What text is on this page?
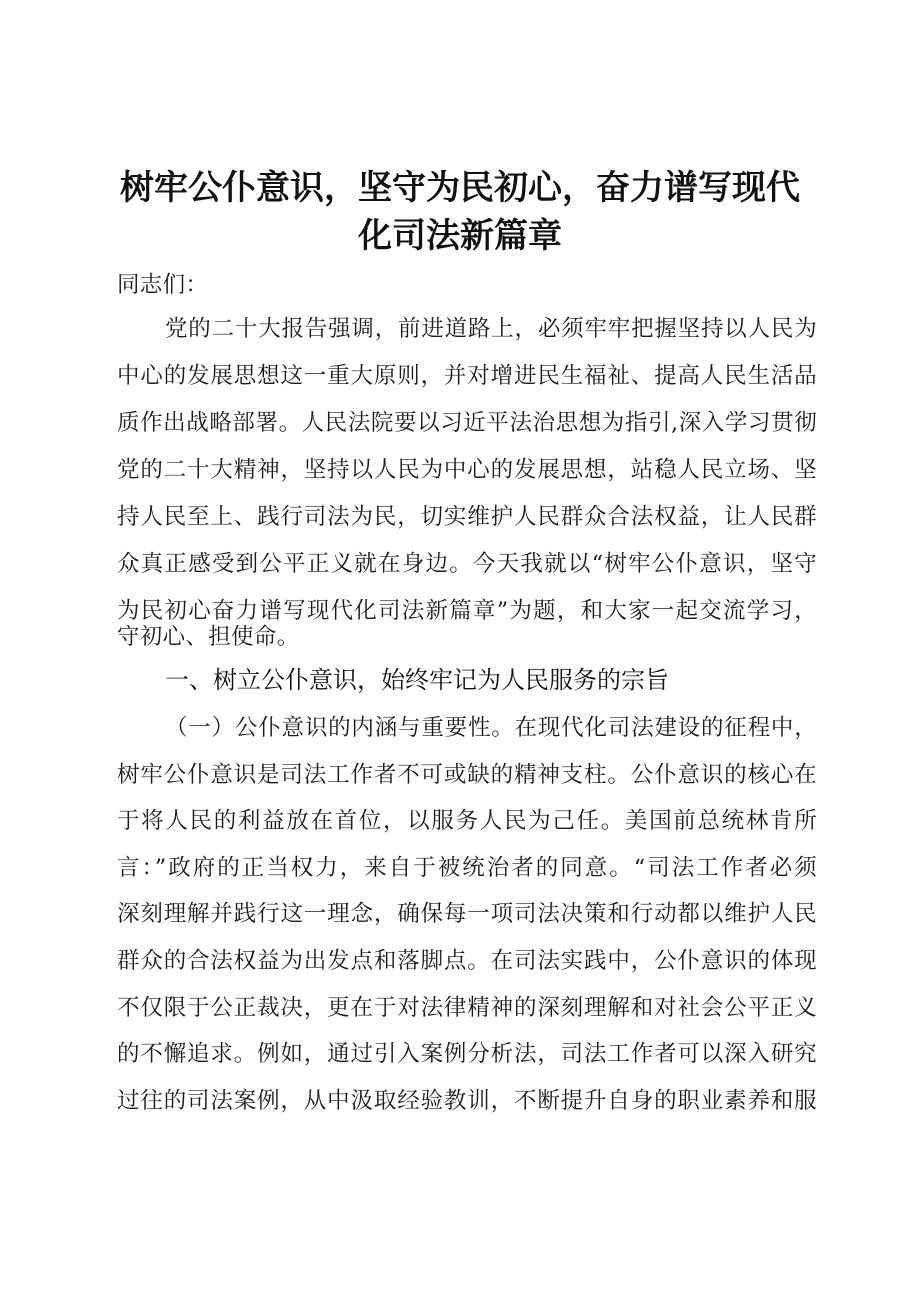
树牢公仆意识，坚守为民初心，奋力谱写现代
化司法新篇章
同志们：
党的二十大报告强调，前进道路上，必须牢牢把握坚持以人民为
中心的发展思想这一重大原则，并对增进民生福祉、提高人民生活品
质作出战略部署。人民法院要以习近平法治思想为指引,深入学习贯彻
党的二十大精神，坚持以人民为中心的发展思想，站稳人民立场、坚
持人民至上、践行司法为民，切实维护人民群众合法权益，让人民群
众真正感受到公平正义就在身边。今天我就以“树牢公仆意识，坚守
为民初心奋力谱写现代化司法新篇章”为题，和大家一起交流学习，
守初心、担使命。
一、树立公仆意识，始终牢记为人民服务的宗旨
（一）公仆意识的内涵与重要性。在现代化司法建设的征程中，
树牢公仆意识是司法工作者不可或缺的精神支柱。公仆意识的核心在
于将人民的利益放在首位，以服务人民为己任。美国前总统林肯所
言：”政府的正当权力，来自于被统治者的同意。“司法工作者必须
深刻理解并践行这一理念，确保每一项司法决策和行动都以维护人民
群众的合法权益为出发点和落脚点。在司法实践中，公仆意识的体现
不仅限于公正裁决，更在于对法律精神的深刻理解和对社会公平正义
的不懈追求。例如，通过引入案例分析法，司法工作者可以深入研究
过往的司法案例，从中汲取经验教训，不断提升自身的职业素养和服
